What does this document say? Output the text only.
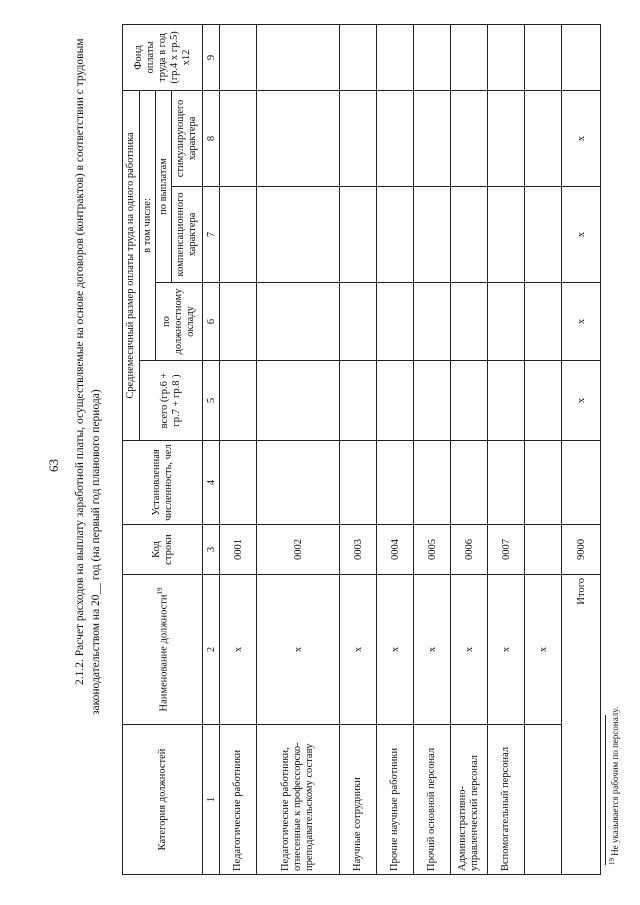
63 2.1.2. Расчет расходов на выплату заработной платы, осуществляемые на основе договоров (контрактов) в соответствии с трудовым законодательством на 20__ год (на первый год планового периода)
Категория должностей	Наименование должности$^{19}$	Код строки	Установленная численность, чел	Среднемесячный размер оплаты труда на одного работника				Фонд оплаты труда в год (гр.4 х гр.5) х12
				всего (гр.6 + гр.7 + гр.8 )	в том числе:			
					по должностному окладу	по выплатам		
						компенсационного характера	стимулирующего характера	
1	2	3	4	5	6	7	8	9
Педагогические работники	х	0001						
Педагогические работники, отнесенные к профессорско-преподавательскому составу	х	0002						
Научные сотрудники	х	0003						
Прочие научные работники	х	0004						
Прочий основной персонал	х	0005						
Административно-управленческий персонал	х	0006						
Вспомогательный персонал	х	0007						
	х							
	Итого	9000		х	х	х	х	
$^{19}$ Не указывается рабочим по персоналу.
